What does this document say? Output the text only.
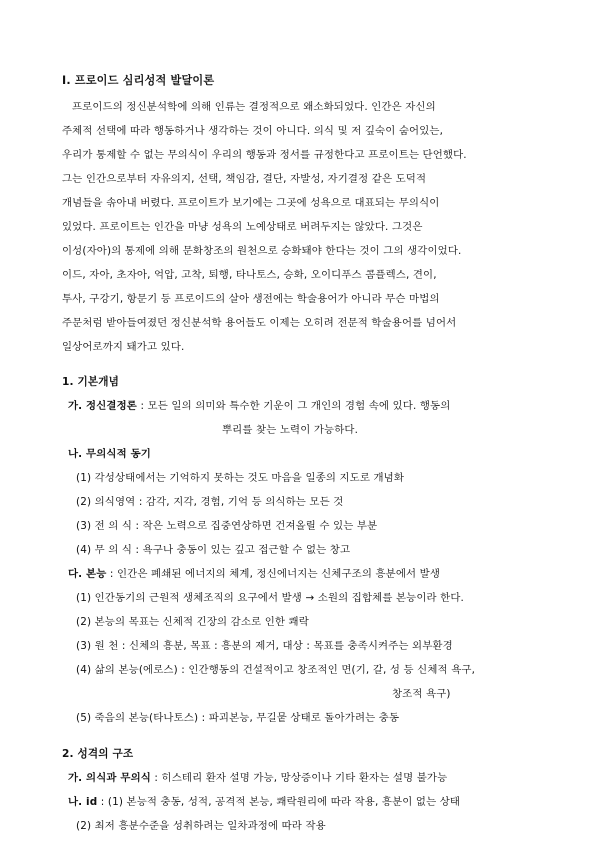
Ⅰ. 프로이드 심리성적 발달이론

프로이드의 정신분석학에 의해 인류는 결정적으로 왜소화되었다. 인간은 자신의

주체적 선택에 따라 행동하거나 생각하는 것이 아니다. 의식 및 저 깊숙이 숨어있는,

우리가 통제할 수 없는 무의식이 우리의 행동과 정서를 규정한다고 프로이트는 단언했다.

그는 인간으로부터 자유의지, 선택, 책임감, 결단, 자발성, 자기결정 같은 도덕적

개념들을 솎아내 버렸다. 프로이트가 보기에는 그곳에 성욕으로 대표되는 무의식이

있었다. 프로이트는 인간을 마냥 성욕의 노예상태로 버려두지는 않았다. 그것은

이성(자아)의 통제에 의해 문화창조의 원천으로 승화돼야 한다는 것이 그의 생각이었다.

이드, 자아, 초자아, 억압, 고착, 퇴행, 타나토스, 승화, 오이디푸스 콤플렉스, 견이,

투사, 구강기, 항문기 등 프로이드의 살아 생전에는 학술용어가 아니라 무슨 마법의

주문처럼 받아들여졌던 정신분석학 용어들도 이제는 오히려 전문적 학술용어를 넘어서

일상어로까지 돼가고 있다.

1. 기본개념

가. 정신결정론 : 모든 일의 의미와 특수한 기운이 그 개인의 경험 속에 있다. 행동의

뿌리를 찾는 노력이 가능하다.

나. 무의식적 동기

(1) 각성상태에서는 기억하지 못하는 것도 마음을 일종의 지도로 개념화

(2) 의식영역 : 감각, 지각, 경험, 기억 등 의식하는 모든 것

(3) 전 의 식 : 작은 노력으로 집중연상하면 건져올릴 수 있는 부분

(4) 무 의 식 : 욕구나 충동이 있는 깊고 접근할 수 없는 창고

다. 본능 : 인간은 폐쇄된 에너지의 체계, 정신에너지는 신체구조의 흥분에서 발생

(1) 인간동기의 근원적 생체조직의 요구에서 발생 → 소원의 집합체를 본능이라 한다.

(2) 본능의 목표는 신체적 긴장의 감소로 인한 쾌락

(3) 원 천 : 신체의 흥분, 목표 : 흥분의 제거, 대상 : 목표를 충족시켜주는 외부환경

(4) 삶의 본능(에로스) : 인간행동의 건설적이고 창조적인 면(기, 갈, 성 등 신체적 욕구,

창조적 욕구)

(5) 죽음의 본능(타나토스) : 파괴본능, 무길뭍 상태로 돌아가려는 충동

2. 성격의 구조

가. 의식과 무의식 : 히스테리 환자 설명 가능, 망상증이나 기타 환자는 설명 불가능

나. id : (1) 본능적 충동, 성적, 공격적 본능, 쾌락원리에 따라 작용, 흥분이 없는 상태

(2) 최저 흥분수준을 성취하려는 일차과정에 따라 작용
